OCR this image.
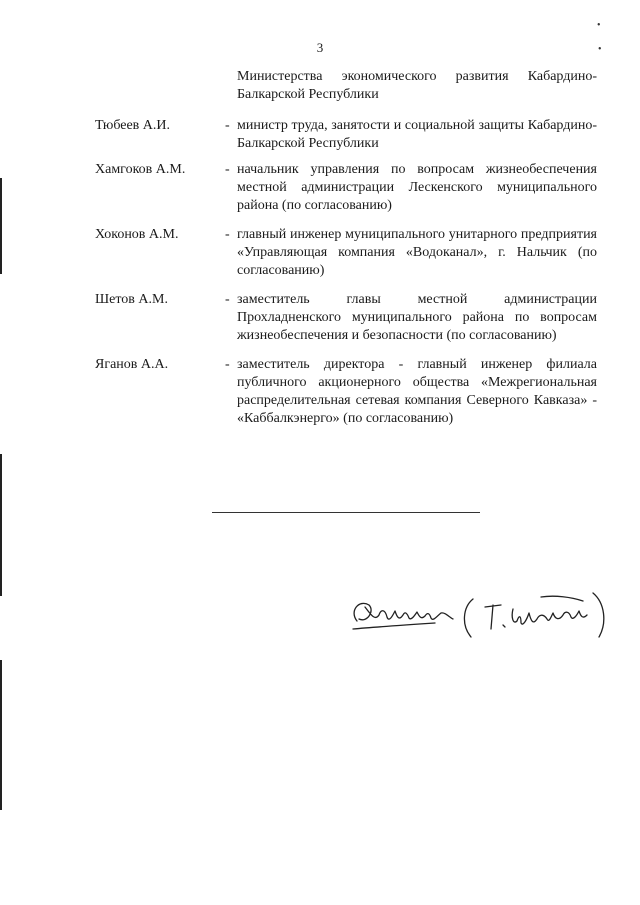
3
Министерства экономического развития Кабардино-Балкарской Республики
Тюбеев А.И.	- министр труда, занятости и социальной защиты Кабардино-Балкарской Республики
Хамгоков А.М.	- начальник управления по вопросам жизнеобеспечения местной администрации Лескенского муниципального района (по согласованию)
Хоконов А.М.	- главный инженер муниципального унитарного предприятия «Управляющая компания «Водоканал», г. Нальчик (по согласованию)
Шетов А.М.	- заместитель главы местной администрации Прохладненского муниципального района по вопросам жизнеобеспечения и безопасности (по согласованию)
Яганов А.А.	- заместитель директора - главный инженер филиала публичного акционерного общества «Межрегиональная распределительная сетевая компания Северного Кавказа» - «Каббалкэнерго» (по согласованию)
•
•
